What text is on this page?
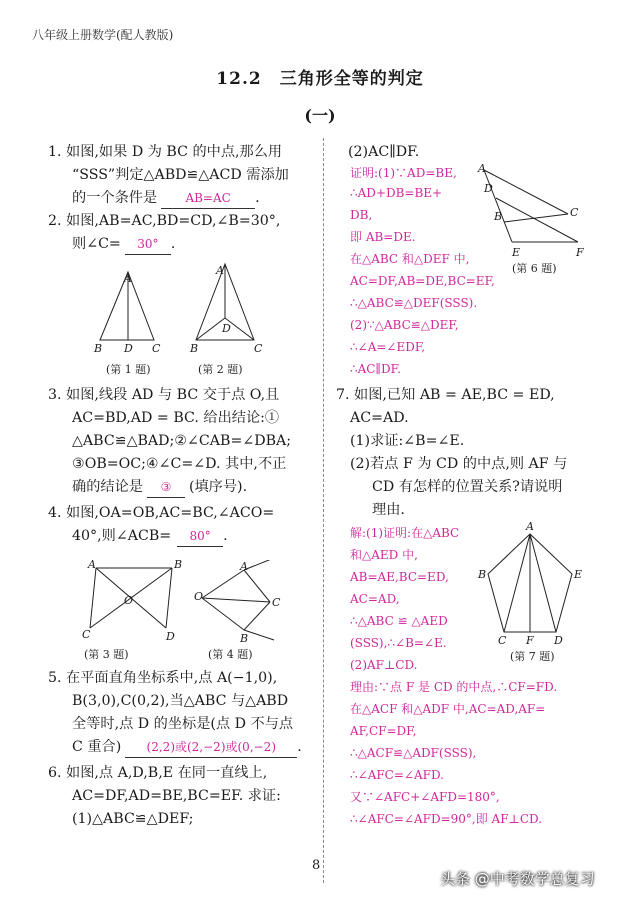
八年级上册数学(配人教版)
12.2　三角形全等的判定
(一)
1. 如图,如果 D 为 BC 的中点,那么用
“SSS”判定△ABD≌△ACD 需添加
的一个条件是 AB=AC .
2. 如图,AB=AC,BD=CD,∠B=30°,
则∠C= 30° .
A
B D C
A
D
B	C
(第 1 题)	(第 2 题)
3. 如图,线段 AD 与 BC 交于点 O,且
AC=BD,AD = BC. 给出结论:①
△ABC≌△BAD;②∠CAB=∠DBA;
③OB=OC;④∠C=∠D. 其中,不正
确的结论是 ③ (填序号).
4. 如图,OA=OB,AC=BC,∠ACO=
40°,则∠ACB= 80° .
A	B
O
C	D
A
O	C
B
(第 3 题)	(第 4 题)
5. 在平面直角坐标系中,点 A(−1,0),
B(3,0),C(0,2),当△ABC 与△ABD
全等时,点 D 的坐标是(点 D 不与点
C 重合) (2,2)或(2,−2)或(0,−2) .
6. 如图,点 A,D,B,E 在同一直线上,
AC=DF,AD=BE,BC=EF. 求证:
(1)△ABC≌△DEF;
(2)AC∥DF.
证明:(1)∵AD=BE,
∴AD+DB=BE+
DB,
即 AB=DE.
在△ABC 和△DEF 中,
AC=DF,AB=DE,BC=EF,
∴△ABC≌△DEF(SSS).
(2)∵△ABC≌△DEF,
∴∠A=∠EDF,
∴AC∥DF.
A
D
B	C
E	F
(第 6 题)
7. 如图,已知 AB = AE,BC = ED,
AC=AD.
(1)求证:∠B=∠E.
(2)若点 F 为 CD 的中点,则 AF 与
CD 有怎样的位置关系?请说明
理由.
解:(1)证明:在△ABC
和△AED 中,
AB=AE,BC=ED,
AC=AD,
∴△ABC ≌ △AED
(SSS),∴∠B=∠E.
(2)AF⊥CD.
A
B	E
C F D
(第 7 题)
理由:∵点 F 是 CD 的中点,∴CF=FD.
在△ACF 和△ADF 中,AC=AD,AF=
AF,CF=DF,
∴△ACF≌△ADF(SSS),
∴∠AFC=∠AFD.
又∵∠AFC+∠AFD=180°,
∴∠AFC=∠AFD=90°,即 AF⊥CD.
8
头条 @中考数学总复习
